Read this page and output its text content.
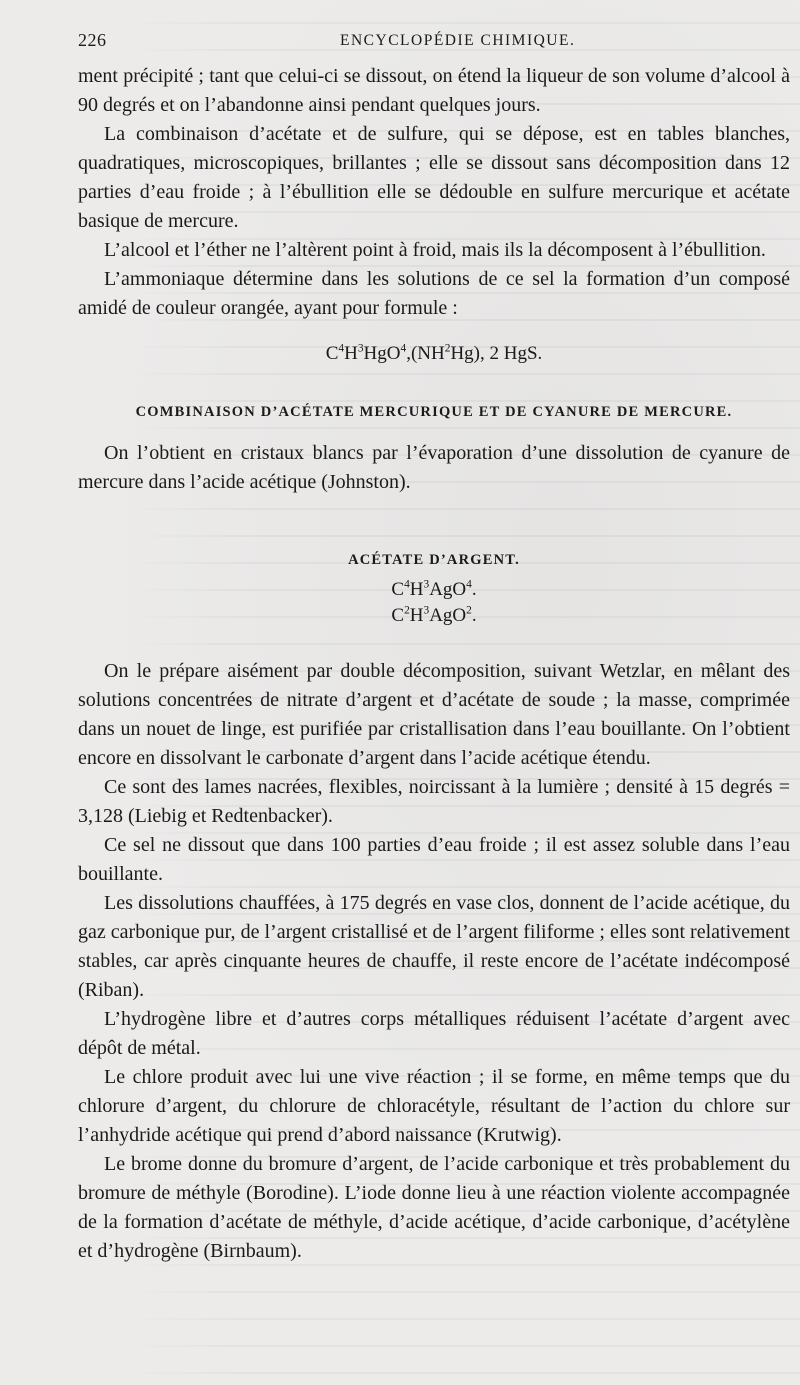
226	ENCYCLOPÉDIE CHIMIQUE.

ment précipité ; tant que celui-ci se dissout, on étend la liqueur de son volume d’alcool à 90 degrés et on l’abandonne ainsi pendant quelques jours.

La combinaison d’acétate et de sulfure, qui se dépose, est en tables blanches, quadratiques, microscopiques, brillantes ; elle se dissout sans décomposition dans 12 parties d’eau froide ; à l’ébullition elle se dédouble en sulfure mercurique et acétate basique de mercure.

L’alcool et l’éther ne l’altèrent point à froid, mais ils la décomposent à l’ébullition.

L’ammoniaque détermine dans les solutions de ce sel la formation d’un composé amidé de couleur orangée, ayant pour formule :

$C^4H^3HgO^4,(NH^2Hg)$, 2 HgS.

COMBINAISON D’ACÉTATE MERCURIQUE ET DE CYANURE DE MERCURE.

On l’obtient en cristaux blancs par l’évaporation d’une dissolution de cyanure de mercure dans l’acide acétique (Johnston).

ACÉTATE D’ARGENT.

$C^4H^3AgO^4$.

$C^2H^3AgO^2$.

On le prépare aisément par double décomposition, suivant Wetzlar, en mêlant des solutions concentrées de nitrate d’argent et d’acétate de soude ; la masse, comprimée dans un nouet de linge, est purifiée par cristallisation dans l’eau bouillante. On l’obtient encore en dissolvant le carbonate d’argent dans l’acide acétique étendu.

Ce sont des lames nacrées, flexibles, noircissant à la lumière ; densité à 15 degrés = 3,128 (Liebig et Redtenbacker).

Ce sel ne dissout que dans 100 parties d’eau froide ; il est assez soluble dans l’eau bouillante.

Les dissolutions chauffées, à 175 degrés en vase clos, donnent de l’acide acétique, du gaz carbonique pur, de l’argent cristallisé et de l’argent filiforme ; elles sont relativement stables, car après cinquante heures de chauffe, il reste encore de l’acétate indécomposé (Riban).

L’hydrogène libre et d’autres corps métalliques réduisent l’acétate d’argent avec dépôt de métal.

Le chlore produit avec lui une vive réaction ; il se forme, en même temps que du chlorure d’argent, du chlorure de chloracétyle, résultant de l’action du chlore sur l’anhydride acétique qui prend d’abord naissance (Krutwig).

Le brome donne du bromure d’argent, de l’acide carbonique et très probablement du bromure de méthyle (Borodine). L’iode donne lieu à une réaction violente accompagnée de la formation d’acétate de méthyle, d’acide acétique, d’acide carbonique, d’acétylène et d’hydrogène (Birnbaum).
